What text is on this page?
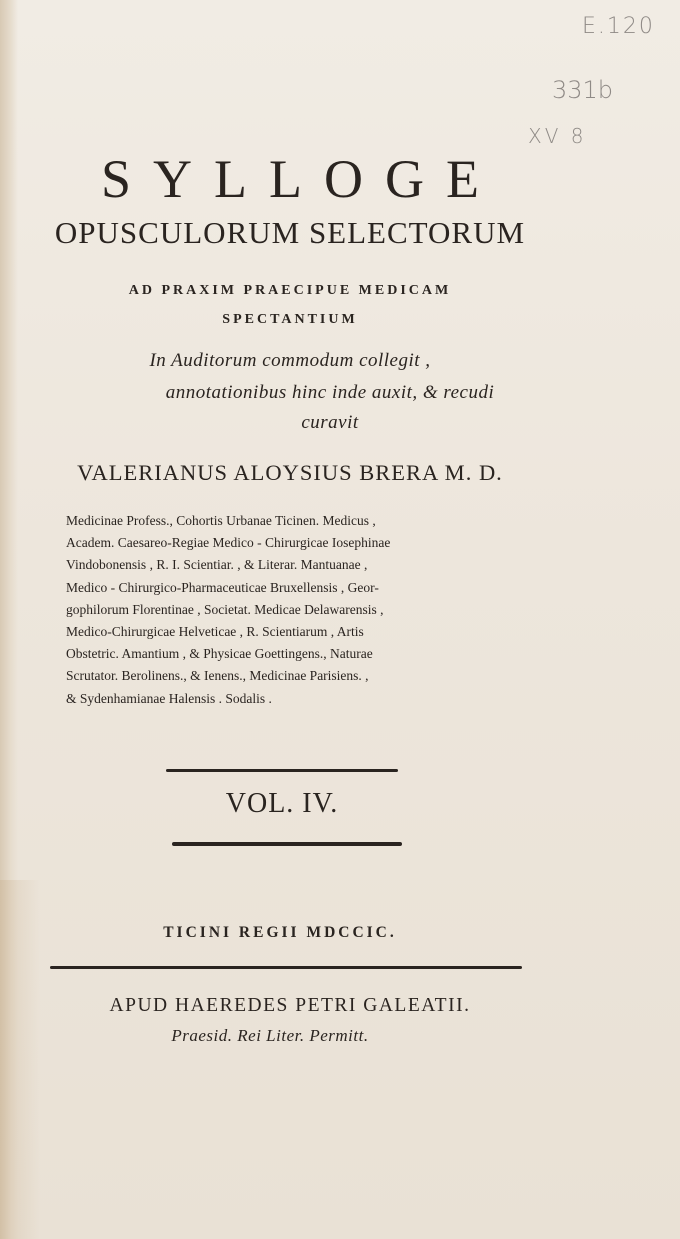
E.120
331b
XV 8
SYLLOGE
OPUSCULORUM SELECTORUM
AD PRAXIM PRAECIPUE MEDICAM
SPECTANTIUM
In Auditorum commodum collegit ,
annotationibus hinc inde auxit, & recudi
curavit
VALERIANUS ALOYSIUS BRERA M. D.
Medicinae Profess., Cohortis Urbanae Ticinen. Medicus ,
Academ. Caesareo-Regiae Medico - Chirurgicae Iosephinae
Vindobonensis , R. I. Scientiar. , & Literar. Mantuanae ,
Medico - Chirurgico-Pharmaceuticae Bruxellensis , Geor-
gophilorum Florentinae , Societat. Medicae Delawarensis ,
Medico-Chirurgicae Helveticae , R. Scientiarum , Artis
Obstetric. Amantium , & Physicae Goettingens., Naturae
Scrutator. Berolinens., & Ienens., Medicinae Parisiens. ,
& Sydenhamianae Halensis . Sodalis .
VOL. IV.
TICINI REGII MDCCIC.
APUD HAEREDES PETRI GALEATII.
Praesid. Rei Liter. Permitt.
